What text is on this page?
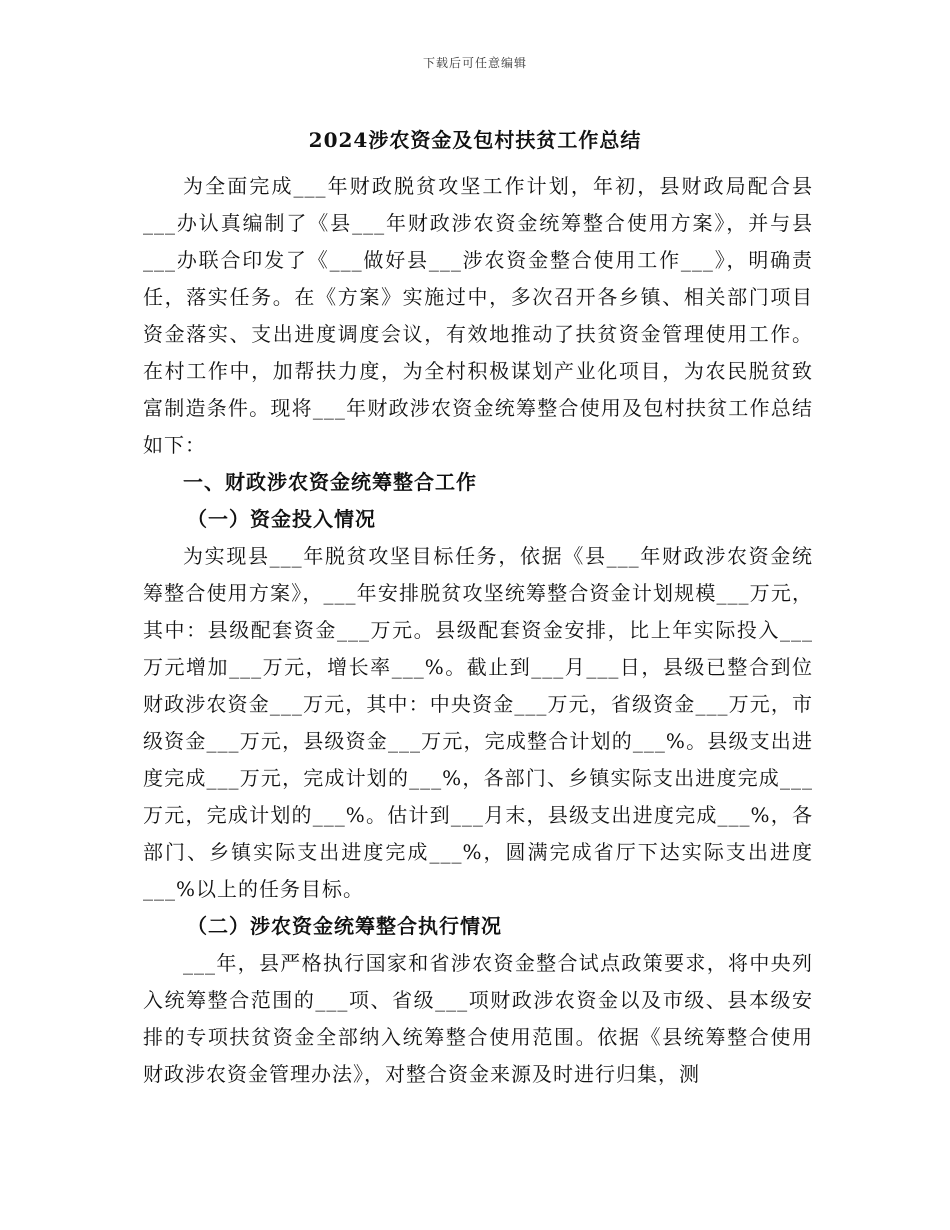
下载后可任意编辑
2024涉农资金及包村扶贫工作总结

为全面完成___年财政脱贫攻坚工作计划，年初，县财政局配合县___办认真编制了《县___年财政涉农资金统筹整合使用方案》，并与县___办联合印发了《___做好县___涉农资金整合使用工作___》，明确责任，落实任务。在《方案》实施过中，多次召开各乡镇、相关部门项目资金落实、支出进度调度会议，有效地推动了扶贫资金管理使用工作。在村工作中，加帮扶力度，为全村积极谋划产业化项目，为农民脱贫致富制造条件。现将___年财政涉农资金统筹整合使用及包村扶贫工作总结如下：

一、财政涉农资金统筹整合工作

（一）资金投入情况

为实现县___年脱贫攻坚目标任务，依据《县___年财政涉农资金统筹整合使用方案》，___年安排脱贫攻坚统筹整合资金计划规模___万元，其中：县级配套资金___万元。县级配套资金安排，比上年实际投入___万元增加___万元，增长率___%。截止到___月___日，县级已整合到位财政涉农资金___万元，其中：中央资金___万元，省级资金___万元，市级资金___万元，县级资金___万元，完成整合计划的___%。县级支出进度完成___万元，完成计划的___%，各部门、乡镇实际支出进度完成___万元，完成计划的___%。估计到___月末，县级支出进度完成___%，各部门、乡镇实际支出进度完成___%，圆满完成省厅下达实际支出进度___%以上的任务目标。

（二）涉农资金统筹整合执行情况

___年，县严格执行国家和省涉农资金整合试点政策要求，将中央列入统筹整合范围的___项、省级___项财政涉农资金以及市级、县本级安排的专项扶贫资金全部纳入统筹整合使用范围。依据《县统筹整合使用财政涉农资金管理办法》，对整合资金来源及时进行归集，测
